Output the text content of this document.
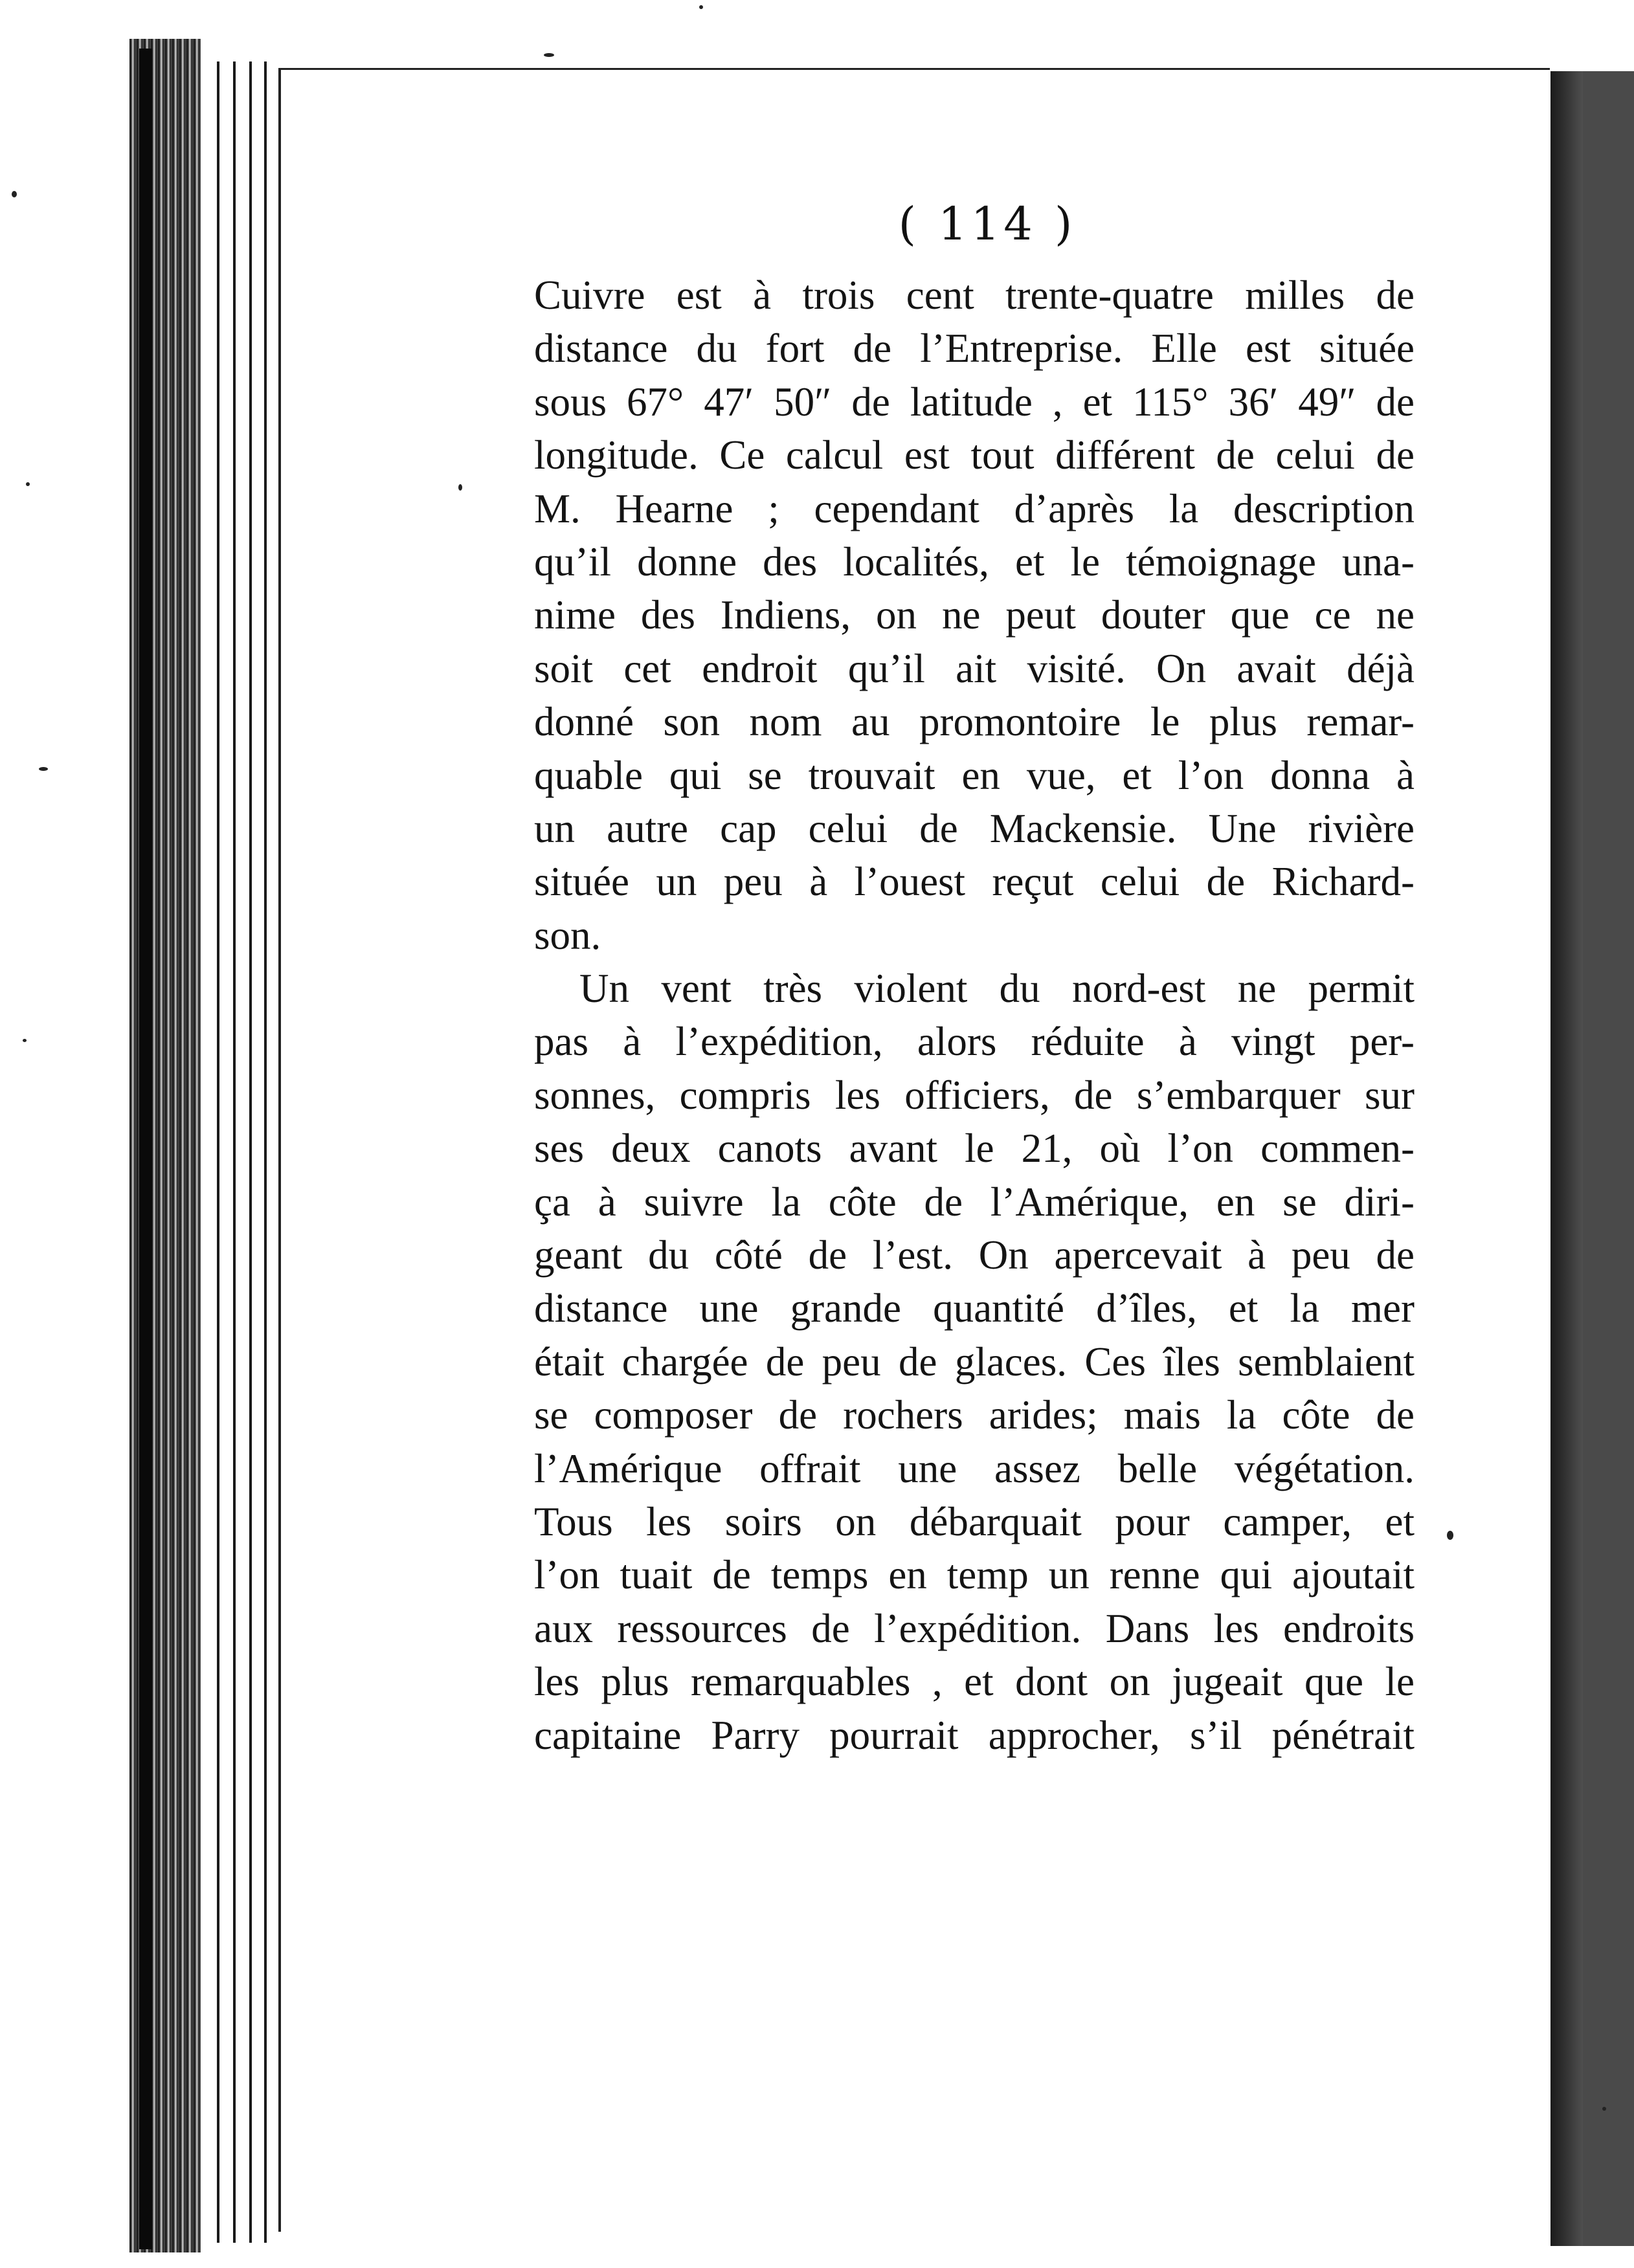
( 114 )
Cuivre est à trois cent trente-quatre milles de
distance du fort de l’Entreprise. Elle est située
sous 67° 47′ 50″ de latitude , et 115° 36′ 49″ de
longitude. Ce calcul est tout différent de celui de
M. Hearne ; cependant d’après la description
qu’il donne des localités, et le témoignage una-
nime des Indiens, on ne peut douter que ce ne
soit cet endroit qu’il ait visité. On avait déjà
donné son nom au promontoire le plus remar-
quable qui se trouvait en vue, et l’on donna à
un autre cap celui de Mackensie. Une rivière
située un peu à l’ouest reçut celui de Richard-
son.
Un vent très violent du nord-est ne permit
pas à l’expédition, alors réduite à vingt per-
sonnes, compris les officiers, de s’embarquer sur
ses deux canots avant le 21, où l’on commen-
ça à suivre la côte de l’Amérique, en se diri-
geant du côté de l’est. On apercevait à peu de
distance une grande quantité d’îles, et la mer
était chargée de peu de glaces. Ces îles semblaient
se composer de rochers arides; mais la côte de
l’Amérique offrait une assez belle végétation.
Tous les soirs on débarquait pour camper, et
l’on tuait de temps en temp un renne qui ajoutait
aux ressources de l’expédition. Dans les endroits
les plus remarquables , et dont on jugeait que le
capitaine Parry pourrait approcher, s’il pénétrait
